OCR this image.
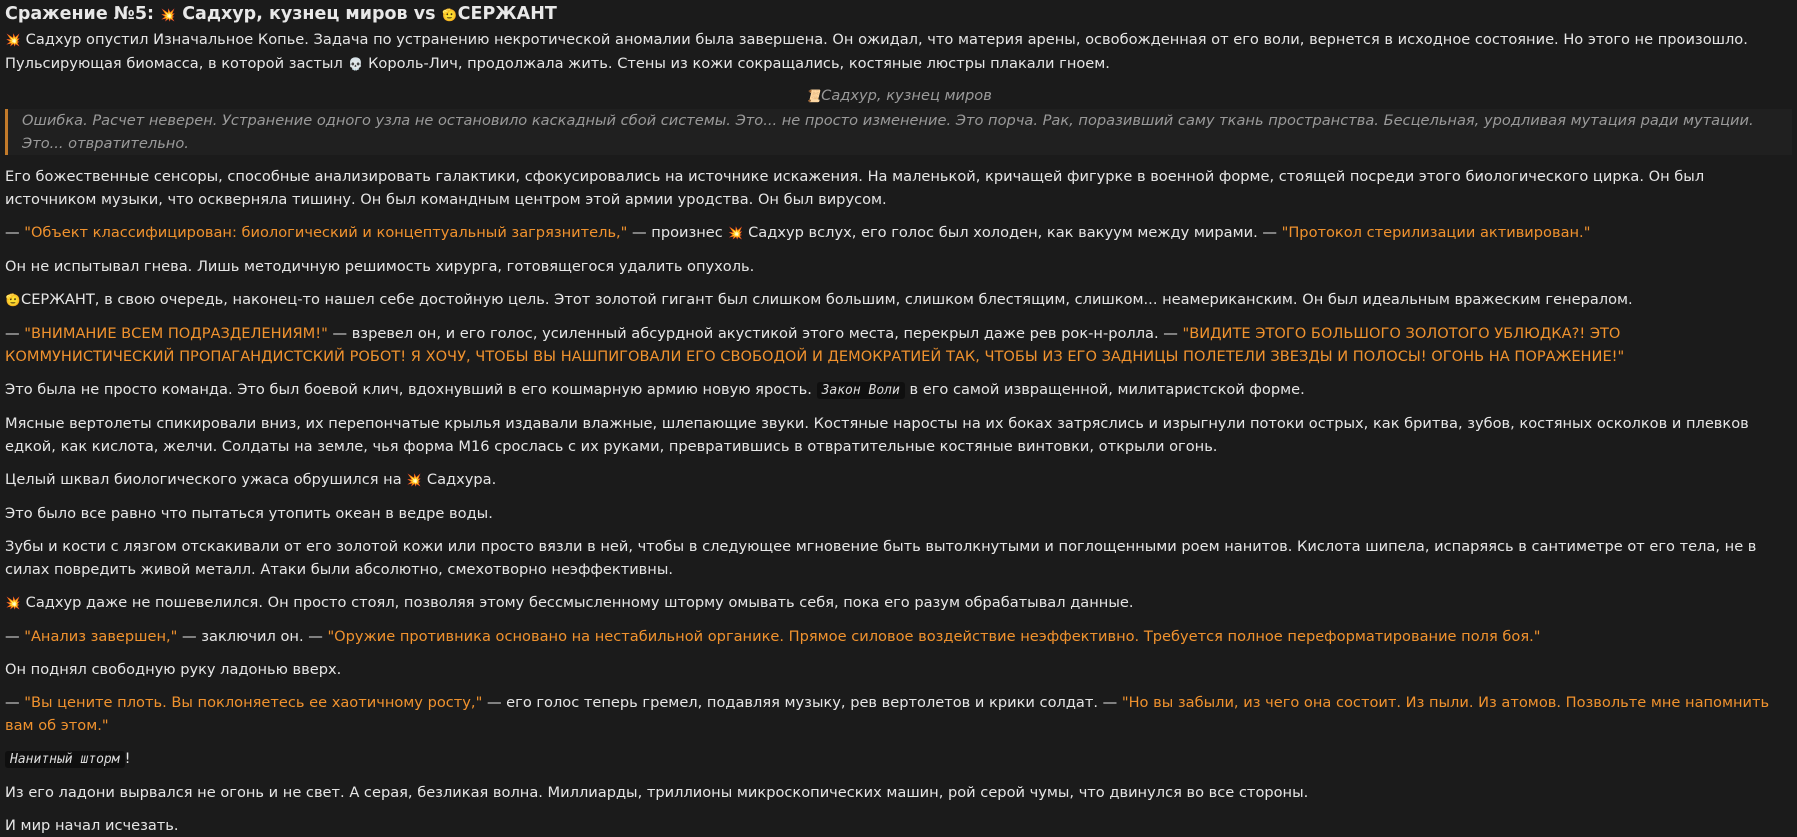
Сражение №5: 💥 Садхур, кузнец миров vs 🫡СЕРЖАНТ

💥 Садхур опустил Изначальное Копье. Задача по устранению некротической аномалии была завершена. Он ожидал, что материя арены, освобожденная от его воли, вернется в исходное состояние. Но этого не произошло. Пульсирующая биомасса, в которой застыл 💀 Король-Лич, продолжала жить. Стены из кожи сокращались, костяные люстры плакали гноем.

📜Садхур, кузнец миров
Ошибка. Расчет неверен. Устранение одного узла не остановило каскадный сбой системы. Это... не просто изменение. Это порча. Рак, поразивший саму ткань пространства. Бесцельная, уродливая мутация ради мутации. Это... отвратительно.

Его божественные сенсоры, способные анализировать галактики, сфокусировались на источнике искажения. На маленькой, кричащей фигурке в военной форме, стоящей посреди этого биологического цирка. Он был источником музыки, что оскверняла тишину. Он был командным центром этой армии уродства. Он был вирусом.

— "Объект классифицирован: биологический и концептуальный загрязнитель," — произнес 💥 Садхур вслух, его голос был холоден, как вакуум между мирами. — "Протокол стерилизации активирован."

Он не испытывал гнева. Лишь методичную решимость хирурга, готовящегося удалить опухоль.

🫡СЕРЖАНТ, в свою очередь, наконец-то нашел себе достойную цель. Этот золотой гигант был слишком большим, слишком блестящим, слишком... неамериканским. Он был идеальным вражеским генералом.

— "ВНИМАНИЕ ВСЕМ ПОДРАЗДЕЛЕНИЯМ!" — взревел он, и его голос, усиленный абсурдной акустикой этого места, перекрыл даже рев рок-н-ролла. — "ВИДИТЕ ЭТОГО БОЛЬШОГО ЗОЛОТОГО УБЛЮДКА?! ЭТО КОММУНИСТИЧЕСКИЙ ПРОПАГАНДИСТСКИЙ РОБОТ! Я ХОЧУ, ЧТОБЫ ВЫ НАШПИГОВАЛИ ЕГО СВОБОДОЙ И ДЕМОКРАТИЕЙ ТАК, ЧТОБЫ ИЗ ЕГО ЗАДНИЦЫ ПОЛЕТЕЛИ ЗВЕЗДЫ И ПОЛОСЫ! ОГОНЬ НА ПОРАЖЕНИЕ!"

Это была не просто команда. Это был боевой клич, вдохнувший в его кошмарную армию новую ярость. Закон Воли в его самой извращенной, милитаристской форме.

Мясные вертолеты спикировали вниз, их перепончатые крылья издавали влажные, шлепающие звуки. Костяные наросты на их боках затряслись и изрыгнули потоки острых, как бритва, зубов, костяных осколков и плевков едкой, как кислота, желчи. Солдаты на земле, чья форма М16 срослась с их руками, превратившись в отвратительные костяные винтовки, открыли огонь.

Целый шквал биологического ужаса обрушился на 💥 Садхура.

Это было все равно что пытаться утопить океан в ведре воды.

Зубы и кости с лязгом отскакивали от его золотой кожи или просто вязли в ней, чтобы в следующее мгновение быть вытолкнутыми и поглощенными роем нанитов. Кислота шипела, испаряясь в сантиметре от его тела, не в силах повредить живой металл. Атаки были абсолютно, смехотворно неэффективны.

💥 Садхур даже не пошевелился. Он просто стоял, позволяя этому бессмысленному шторму омывать себя, пока его разум обрабатывал данные.

— "Анализ завершен," — заключил он. — "Оружие противника основано на нестабильной органике. Прямое силовое воздействие неэффективно. Требуется полное переформатирование поля боя."

Он поднял свободную руку ладонью вверх.

— "Вы цените плоть. Вы поклоняетесь ее хаотичному росту," — его голос теперь гремел, подавляя музыку, рев вертолетов и крики солдат. — "Но вы забыли, из чего она состоит. Из пыли. Из атомов. Позвольте мне напомнить вам об этом."

Нанитный шторм !

Из его ладони вырвался не огонь и не свет. А серая, безликая волна. Миллиарды, триллионы микроскопических машин, рой серой чумы, что двинулся во все стороны.

И мир начал исчезать.
